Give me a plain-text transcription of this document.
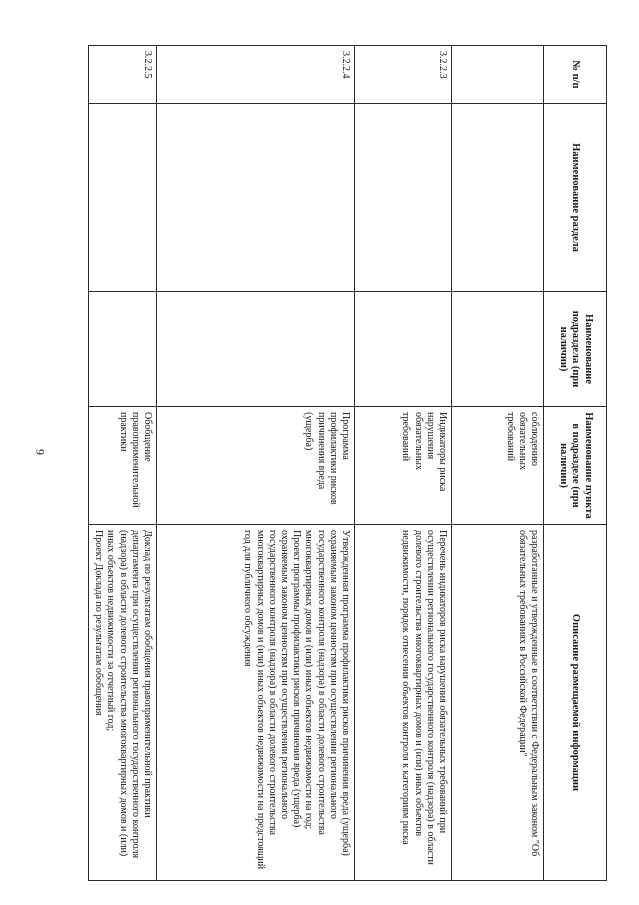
9
№ п/п	Наименование раздела	Наименование подраздела (при наличии)	Наименование пункта в подразделе (при наличии)	Описание размещаемой информации
			соблюдению обязательных требований	разработанные и утвержденные в соответствии с Федеральным законом "Об обязательных требованиях в Российской Федерации"
3.2.2.3			Индикаторы риска нарушения обязательных требований	Перечень индикаторов риска нарушения обязательных требований при осуществлении регионального государственного контроля (надзора) в области долевого строительства многоквартирных домов и (или) иных объектов недвижимости, порядок отнесения объектов контроля к категориям риска
3.2.2.4			Программа профилактики рисков причинения вреда (ущерба)	Утвержденная программа профилактики рисков причинения вреда (ущерба) охраняемым законом ценностям при осуществлении регионального государственного контроля (надзора) в области долевого строительства многоквартирных домов и (или) иных объектов недвижимости на год;
Проект программы профилактики рисков причинения вреда (ущерба) охраняемым законом ценностям при осуществлении регионального государственного контроля (надзора) в области долевого строительства многоквартирных домов и (или) иных объектов недвижимости на предстоящий год для публичного обсуждения
3.2.2.5			Обобщение правоприменительной практики	Доклад по результатам обобщения правоприменительной практики департамента при осуществлении регионального государственного контроля (надзора) в области долевого строительства многоквартирных домов и (или) иных объектов недвижимости за отчетный год;
Проект Доклада по результатам обобщения
